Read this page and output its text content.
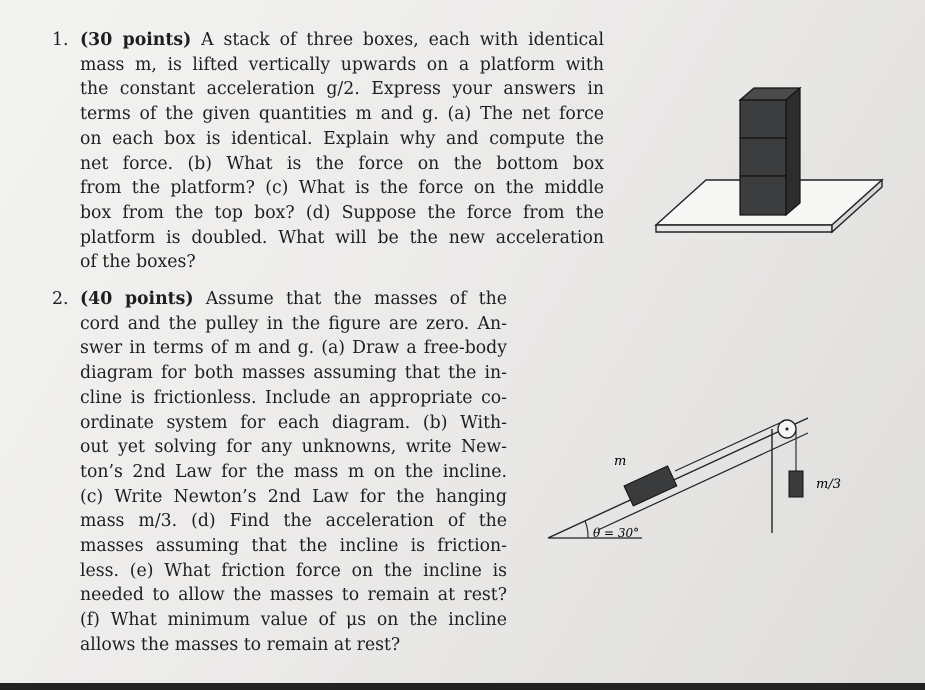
1. (30 points) A stack of three boxes, each with identical
mass m, is lifted vertically upwards on a platform with
the constant acceleration g/2. Express your answers in
terms of the given quantities m and g. (a) The net force
on each box is identical. Explain why and compute the
net force. (b) What is the force on the bottom box
from the platform? (c) What is the force on the middle
box from the top box? (d) Suppose the force from the
platform is doubled. What will be the new acceleration
of the boxes?
2. (40 points) Assume that the masses of the
cord and the pulley in the figure are zero. An-
swer in terms of m and g. (a) Draw a free-body
diagram for both masses assuming that the in-
cline is frictionless. Include an appropriate co-
ordinate system for each diagram. (b) With-
out yet solving for any unknowns, write New-
ton’s 2nd Law for the mass m on the incline.
(c) Write Newton’s 2nd Law for the hanging
mass m/3. (d) Find the acceleration of the
masses assuming that the incline is friction-
less. (e) What friction force on the incline is
needed to allow the masses to remain at rest?
(f) What minimum value of μs on the incline
allows the masses to remain at rest?
m
m/3
θ = 30°
